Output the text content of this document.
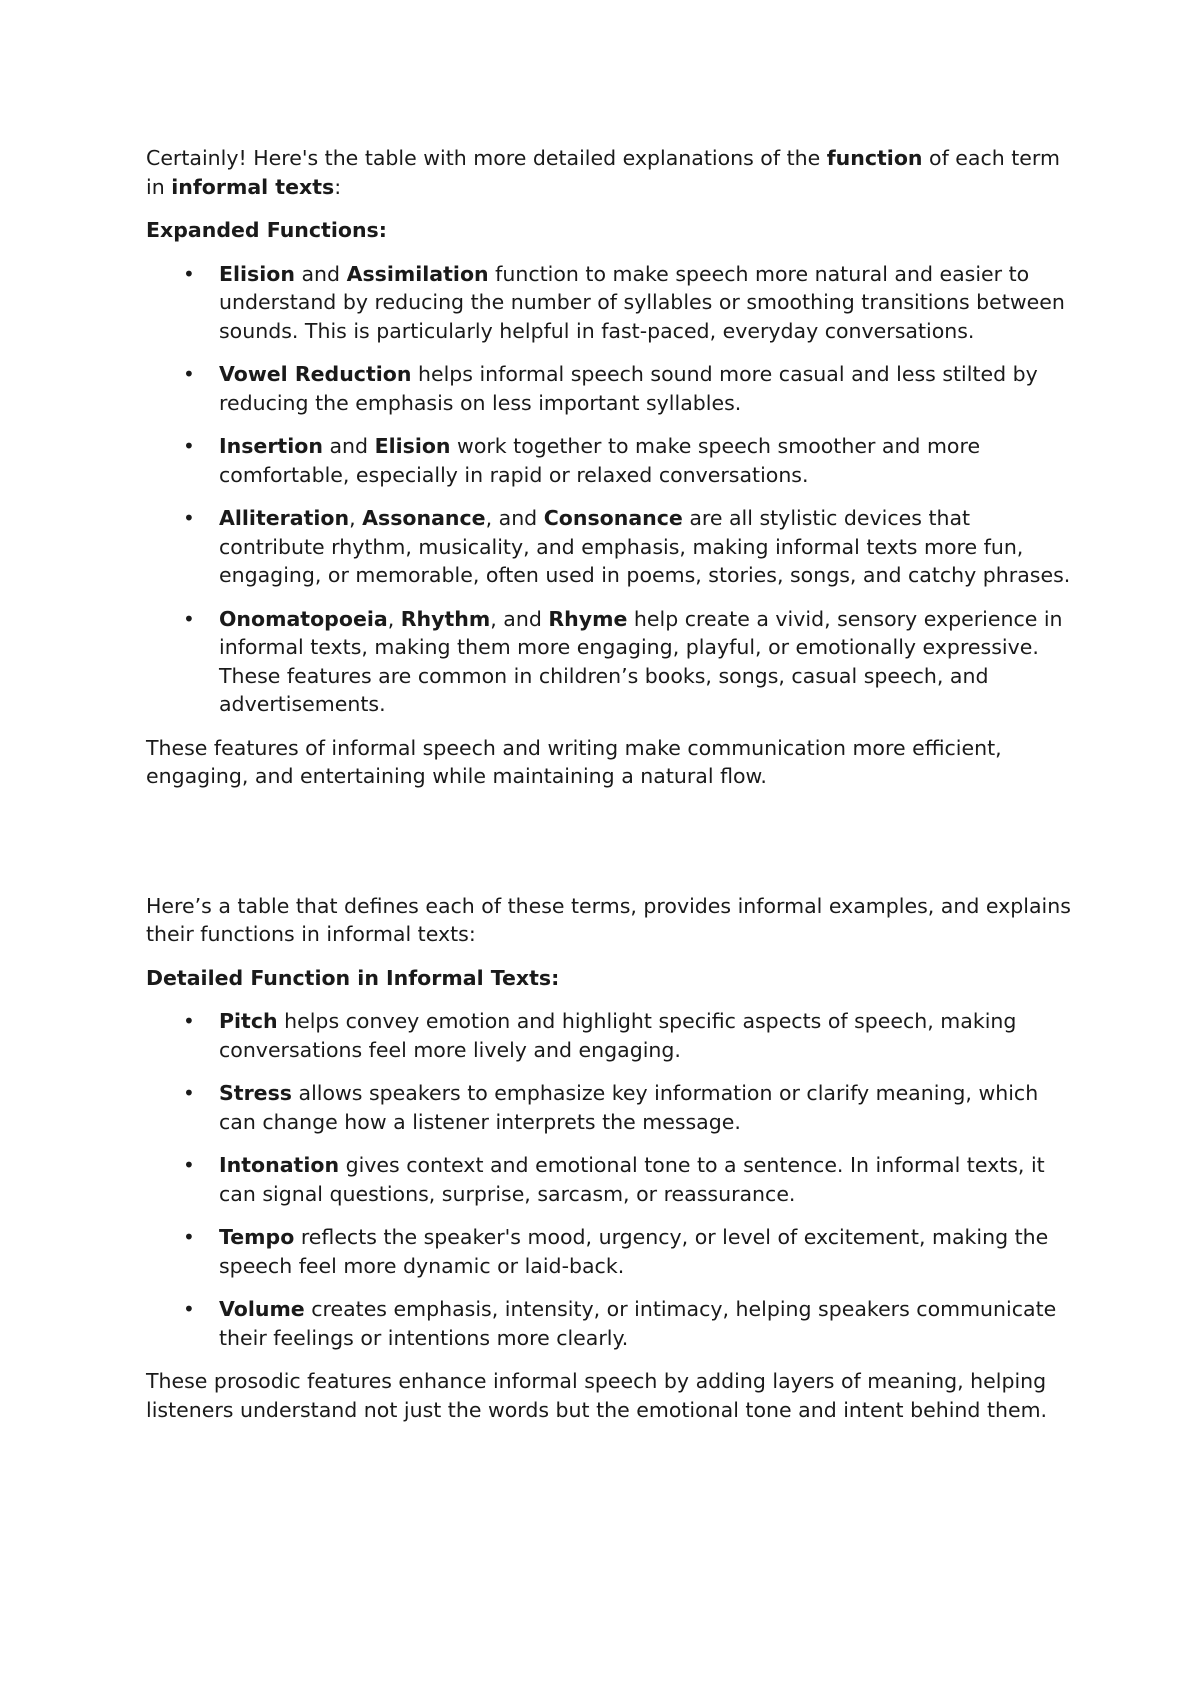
Certainly! Here's the table with more detailed explanations of the function of each term in informal texts:

Expanded Functions:
• Elision and Assimilation function to make speech more natural and easier to understand by reducing the number of syllables or smoothing transitions between sounds. This is particularly helpful in fast-paced, everyday conversations.
• Vowel Reduction helps informal speech sound more casual and less stilted by reducing the emphasis on less important syllables.
• Insertion and Elision work together to make speech smoother and more comfortable, especially in rapid or relaxed conversations.
• Alliteration, Assonance, and Consonance are all stylistic devices that contribute rhythm, musicality, and emphasis, making informal texts more fun, engaging, or memorable, often used in poems, stories, songs, and catchy phrases.
• Onomatopoeia, Rhythm, and Rhyme help create a vivid, sensory experience in informal texts, making them more engaging, playful, or emotionally expressive. These features are common in children’s books, songs, casual speech, and advertisements.

These features of informal speech and writing make communication more efficient, engaging, and entertaining while maintaining a natural flow.

Here’s a table that defines each of these terms, provides informal examples, and explains their functions in informal texts:

Detailed Function in Informal Texts:
• Pitch helps convey emotion and highlight specific aspects of speech, making conversations feel more lively and engaging.
• Stress allows speakers to emphasize key information or clarify meaning, which can change how a listener interprets the message.
• Intonation gives context and emotional tone to a sentence. In informal texts, it can signal questions, surprise, sarcasm, or reassurance.
• Tempo reflects the speaker's mood, urgency, or level of excitement, making the speech feel more dynamic or laid-back.
• Volume creates emphasis, intensity, or intimacy, helping speakers communicate their feelings or intentions more clearly.

These prosodic features enhance informal speech by adding layers of meaning, helping listeners understand not just the words but the emotional tone and intent behind them.
